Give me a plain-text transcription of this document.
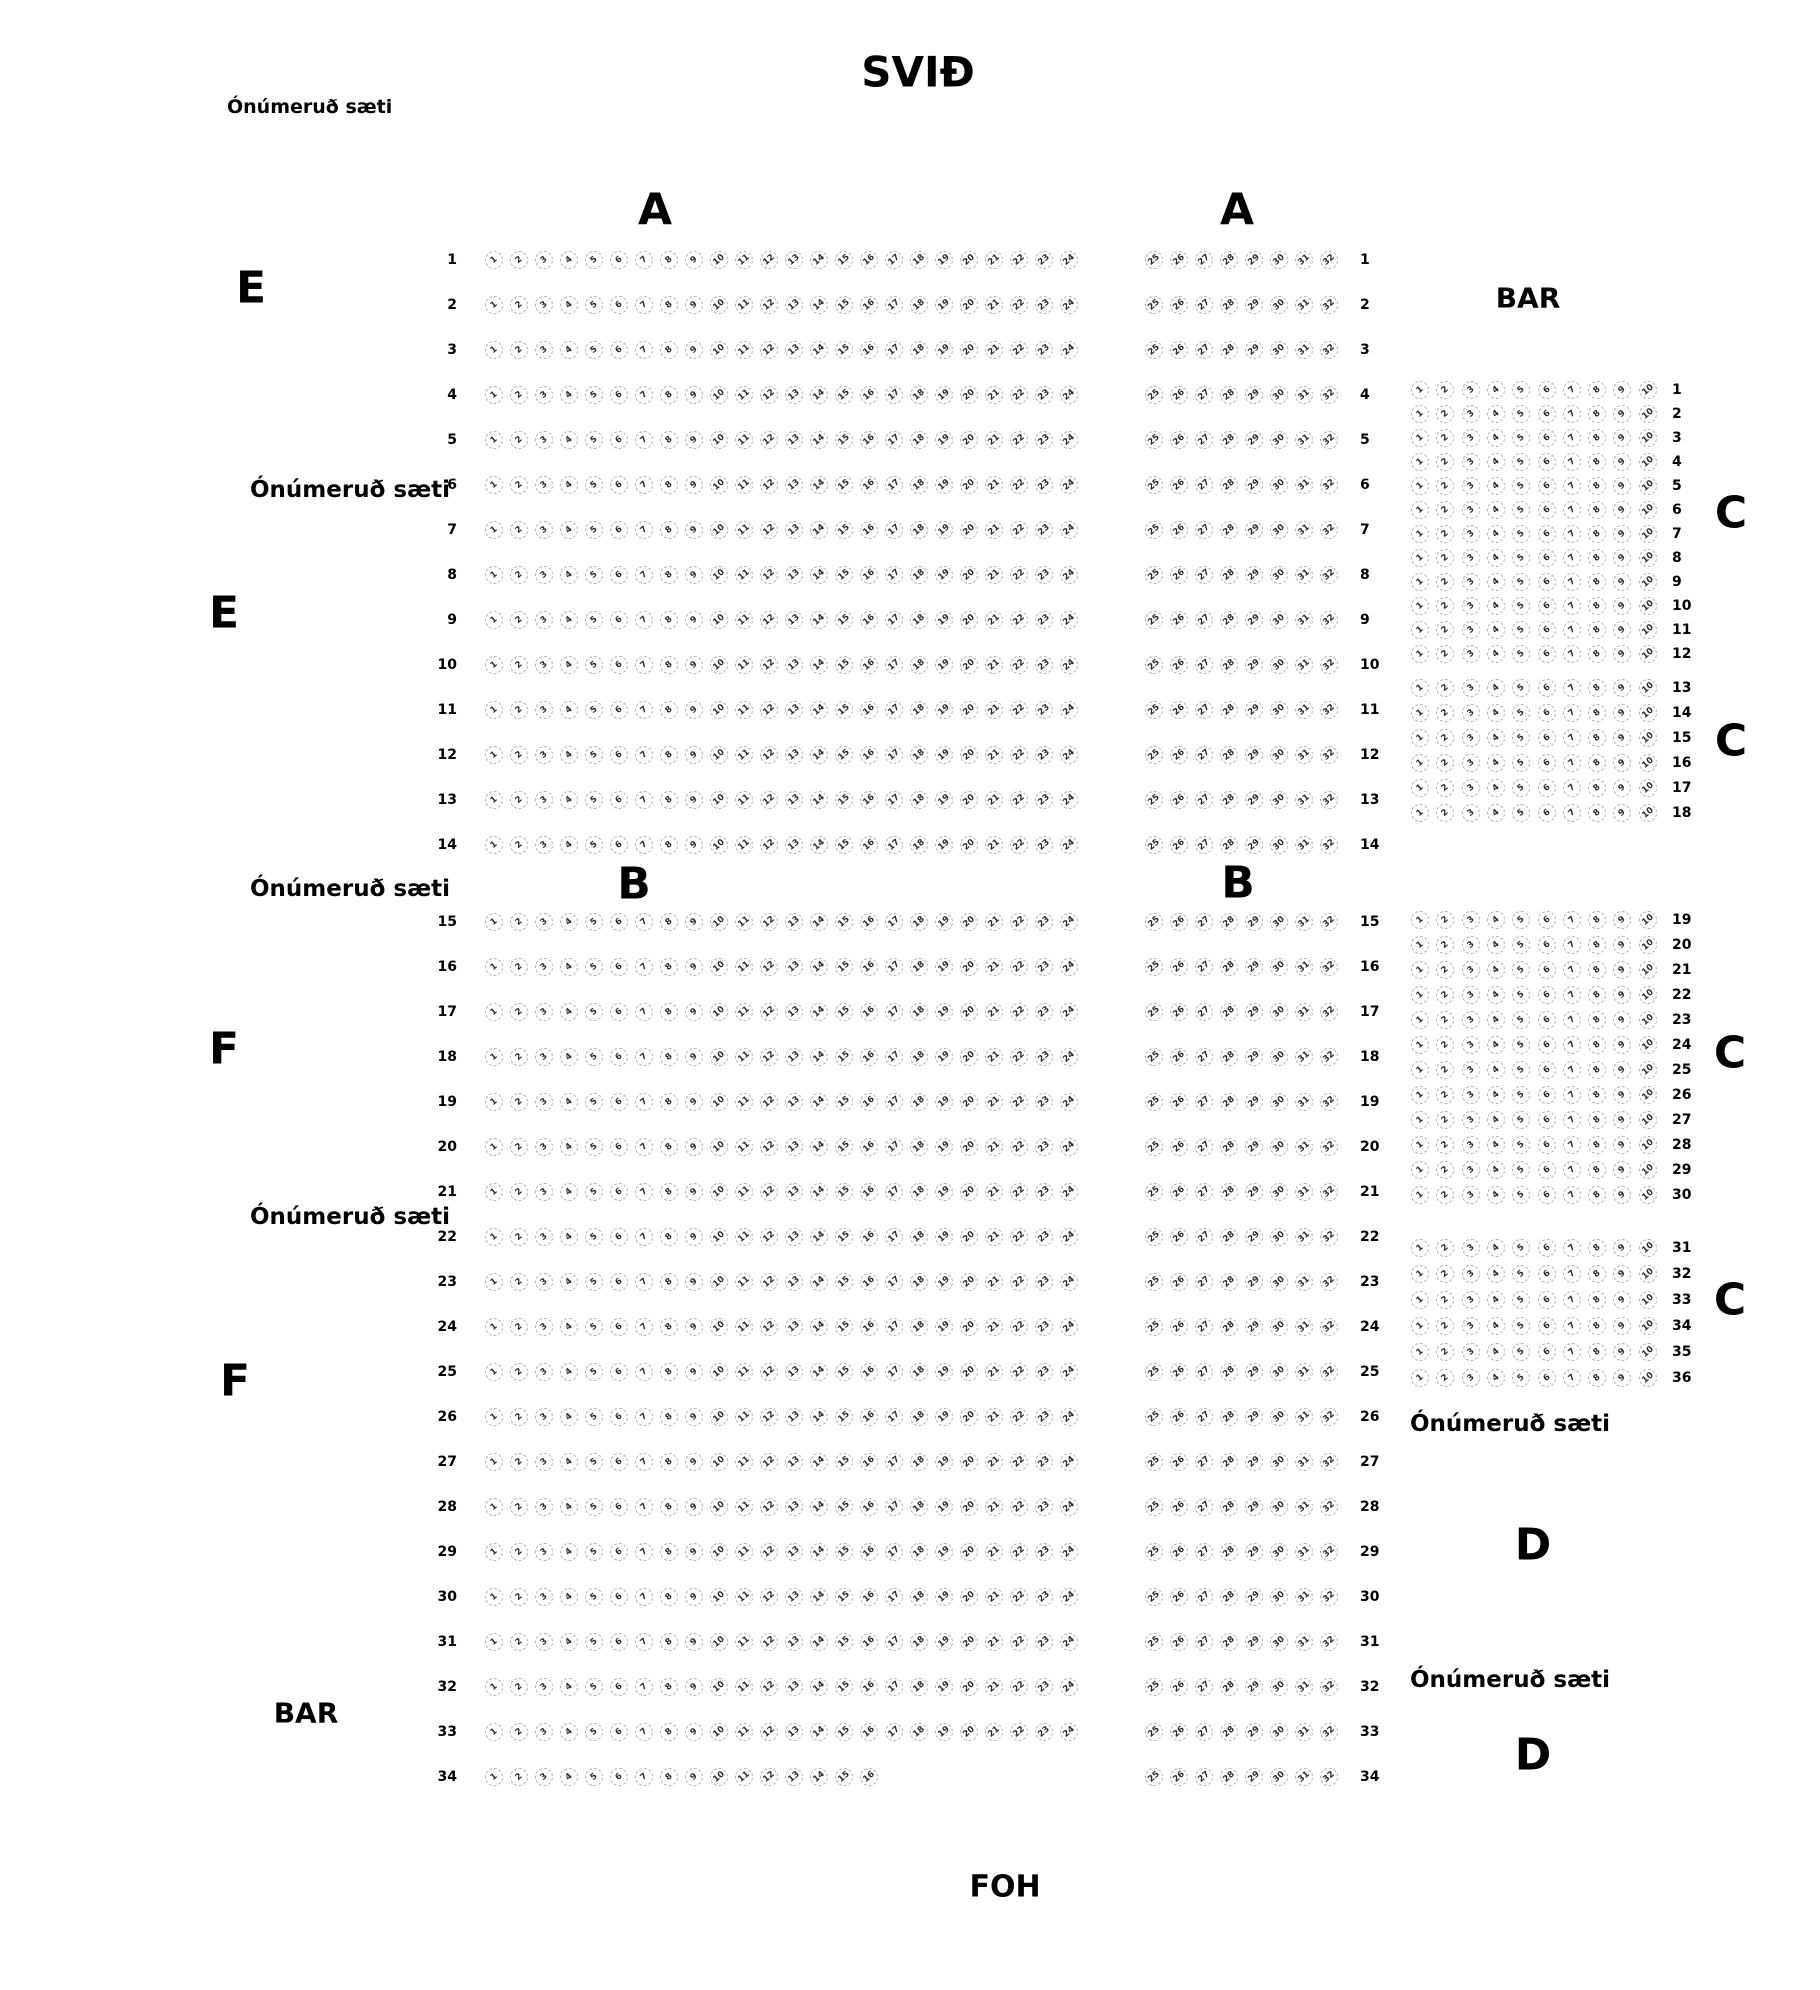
SVIÐ
Ónúmeruð sæti
A	A
BAR
E
Ónúmeruð sæti
E
Ónúmeruð sæti	B	B
F
Ónúmeruð sæti
F
BAR
C
C
C
C
Ónúmeruð sæti
D
Ónúmeruð sæti
D
FOH
1	1	2	3	4	5	6	7	8	9	10	11	12	13	14	15	16	17	18	19	20	21	22	23	24
2	1	2	3	4	5	6	7	8	9	10	11	12	13	14	15	16	17	18	19	20	21	22	23	24
3	1	2	3	4	5	6	7	8	9	10	11	12	13	14	15	16	17	18	19	20	21	22	23	24
4	1	2	3	4	5	6	7	8	9	10	11	12	13	14	15	16	17	18	19	20	21	22	23	24
5	1	2	3	4	5	6	7	8	9	10	11	12	13	14	15	16	17	18	19	20	21	22	23	24
6	1	2	3	4	5	6	7	8	9	10	11	12	13	14	15	16	17	18	19	20	21	22	23	24
7	1	2	3	4	5	6	7	8	9	10	11	12	13	14	15	16	17	18	19	20	21	22	23	24
8	1	2	3	4	5	6	7	8	9	10	11	12	13	14	15	16	17	18	19	20	21	22	23	24
9	1	2	3	4	5	6	7	8	9	10	11	12	13	14	15	16	17	18	19	20	21	22	23	24
10	1	2	3	4	5	6	7	8	9	10	11	12	13	14	15	16	17	18	19	20	21	22	23	24
11	1	2	3	4	5	6	7	8	9	10	11	12	13	14	15	16	17	18	19	20	21	22	23	24
12	1	2	3	4	5	6	7	8	9	10	11	12	13	14	15	16	17	18	19	20	21	22	23	24
13	1	2	3	4	5	6	7	8	9	10	11	12	13	14	15	16	17	18	19	20	21	22	23	24
14	1	2	3	4	5	6	7	8	9	10	11	12	13	14	15	16	17	18	19	20	21	22	23	24
15	1	2	3	4	5	6	7	8	9	10	11	12	13	14	15	16	17	18	19	20	21	22	23	24
16	1	2	3	4	5	6	7	8	9	10	11	12	13	14	15	16	17	18	19	20	21	22	23	24
17	1	2	3	4	5	6	7	8	9	10	11	12	13	14	15	16	17	18	19	20	21	22	23	24
18	1	2	3	4	5	6	7	8	9	10	11	12	13	14	15	16	17	18	19	20	21	22	23	24
19	1	2	3	4	5	6	7	8	9	10	11	12	13	14	15	16	17	18	19	20	21	22	23	24
20	1	2	3	4	5	6	7	8	9	10	11	12	13	14	15	16	17	18	19	20	21	22	23	24
21	1	2	3	4	5	6	7	8	9	10	11	12	13	14	15	16	17	18	19	20	21	22	23	24
22	1	2	3	4	5	6	7	8	9	10	11	12	13	14	15	16	17	18	19	20	21	22	23	24
23	1	2	3	4	5	6	7	8	9	10	11	12	13	14	15	16	17	18	19	20	21	22	23	24
24	1	2	3	4	5	6	7	8	9	10	11	12	13	14	15	16	17	18	19	20	21	22	23	24
25	1	2	3	4	5	6	7	8	9	10	11	12	13	14	15	16	17	18	19	20	21	22	23	24
26	1	2	3	4	5	6	7	8	9	10	11	12	13	14	15	16	17	18	19	20	21	22	23	24
27	1	2	3	4	5	6	7	8	9	10	11	12	13	14	15	16	17	18	19	20	21	22	23	24
28	1	2	3	4	5	6	7	8	9	10	11	12	13	14	15	16	17	18	19	20	21	22	23	24
29	1	2	3	4	5	6	7	8	9	10	11	12	13	14	15	16	17	18	19	20	21	22	23	24
30	1	2	3	4	5	6	7	8	9	10	11	12	13	14	15	16	17	18	19	20	21	22	23	24
31	1	2	3	4	5	6	7	8	9	10	11	12	13	14	15	16	17	18	19	20	21	22	23	24
32	1	2	3	4	5	6	7	8	9	10	11	12	13	14	15	16	17	18	19	20	21	22	23	24
33	1	2	3	4	5	6	7	8	9	10	11	12	13	14	15	16	17	18	19	20	21	22	23	24
34	1	2	3	4	5	6	7	8	9	10	11	12	13	14	15	16
25	26	27	28	29	30	31	32 1
25	26	27	28	29	30	31	32 2
25	26	27	28	29	30	31	32 3
25	26	27	28	29	30	31	32 4
25	26	27	28	29	30	31	32 5
25	26	27	28	29	30	31	32 6
25	26	27	28	29	30	31	32 7
25	26	27	28	29	30	31	32 8
25	26	27	28	29	30	31	32 9
25	26	27	28	29	30	31	32 10
25	26	27	28	29	30	31	32 11
25	26	27	28	29	30	31	32 12
25	26	27	28	29	30	31	32 13
25	26	27	28	29	30	31	32 14
25	26	27	28	29	30	31	32 15
25	26	27	28	29	30	31	32 16
25	26	27	28	29	30	31	32 17
25	26	27	28	29	30	31	32 18
25	26	27	28	29	30	31	32 19
25	26	27	28	29	30	31	32 20
25	26	27	28	29	30	31	32 21
25	26	27	28	29	30	31	32 22
25	26	27	28	29	30	31	32 23
25	26	27	28	29	30	31	32 24
25	26	27	28	29	30	31	32 25
25	26	27	28	29	30	31	32 26
25	26	27	28	29	30	31	32 27
25	26	27	28	29	30	31	32 28
25	26	27	28	29	30	31	32 29
25	26	27	28	29	30	31	32 30
25	26	27	28	29	30	31	32 31
25	26	27	28	29	30	31	32 32
25	26	27	28	29	30	31	32 33
25	26	27	28	29	30	31	32 34
1	2	3	4	5	6	7	8	9	10 1
1	2	3	4	5	6	7	8	9	10 2
1	2	3	4	5	6	7	8	9	10 3
1	2	3	4	5	6	7	8	9	10 4
1	2	3	4	5	6	7	8	9	10 5
1	2	3	4	5	6	7	8	9	10 6
1	2	3	4	5	6	7	8	9	10 7
1	2	3	4	5	6	7	8	9	10 8
1	2	3	4	5	6	7	8	9	10 9
1	2	3	4	5	6	7	8	9	10 10
1	2	3	4	5	6	7	8	9	10 11
1	2	3	4	5	6	7	8	9	10 12
1	2	3	4	5	6	7	8	9	10 13
1	2	3	4	5	6	7	8	9	10 14
1	2	3	4	5	6	7	8	9	10 15
1	2	3	4	5	6	7	8	9	10 16
1	2	3	4	5	6	7	8	9	10 17
1	2	3	4	5	6	7	8	9	10 18
1	2	3	4	5	6	7	8	9	10 19
1	2	3	4	5	6	7	8	9	10 20
1	2	3	4	5	6	7	8	9	10 21
1	2	3	4	5	6	7	8	9	10 22
1	2	3	4	5	6	7	8	9	10 23
1	2	3	4	5	6	7	8	9	10 24
1	2	3	4	5	6	7	8	9	10 25
1	2	3	4	5	6	7	8	9	10 26
1	2	3	4	5	6	7	8	9	10 27
1	2	3	4	5	6	7	8	9	10 28
1	2	3	4	5	6	7	8	9	10 29
1	2	3	4	5	6	7	8	9	10 30
1	2	3	4	5	6	7	8	9	10 31
1	2	3	4	5	6	7	8	9	10 32
1	2	3	4	5	6	7	8	9	10 33
1	2	3	4	5	6	7	8	9	10 34
1	2	3	4	5	6	7	8	9	10 35
1	2	3	4	5	6	7	8	9	10 36
